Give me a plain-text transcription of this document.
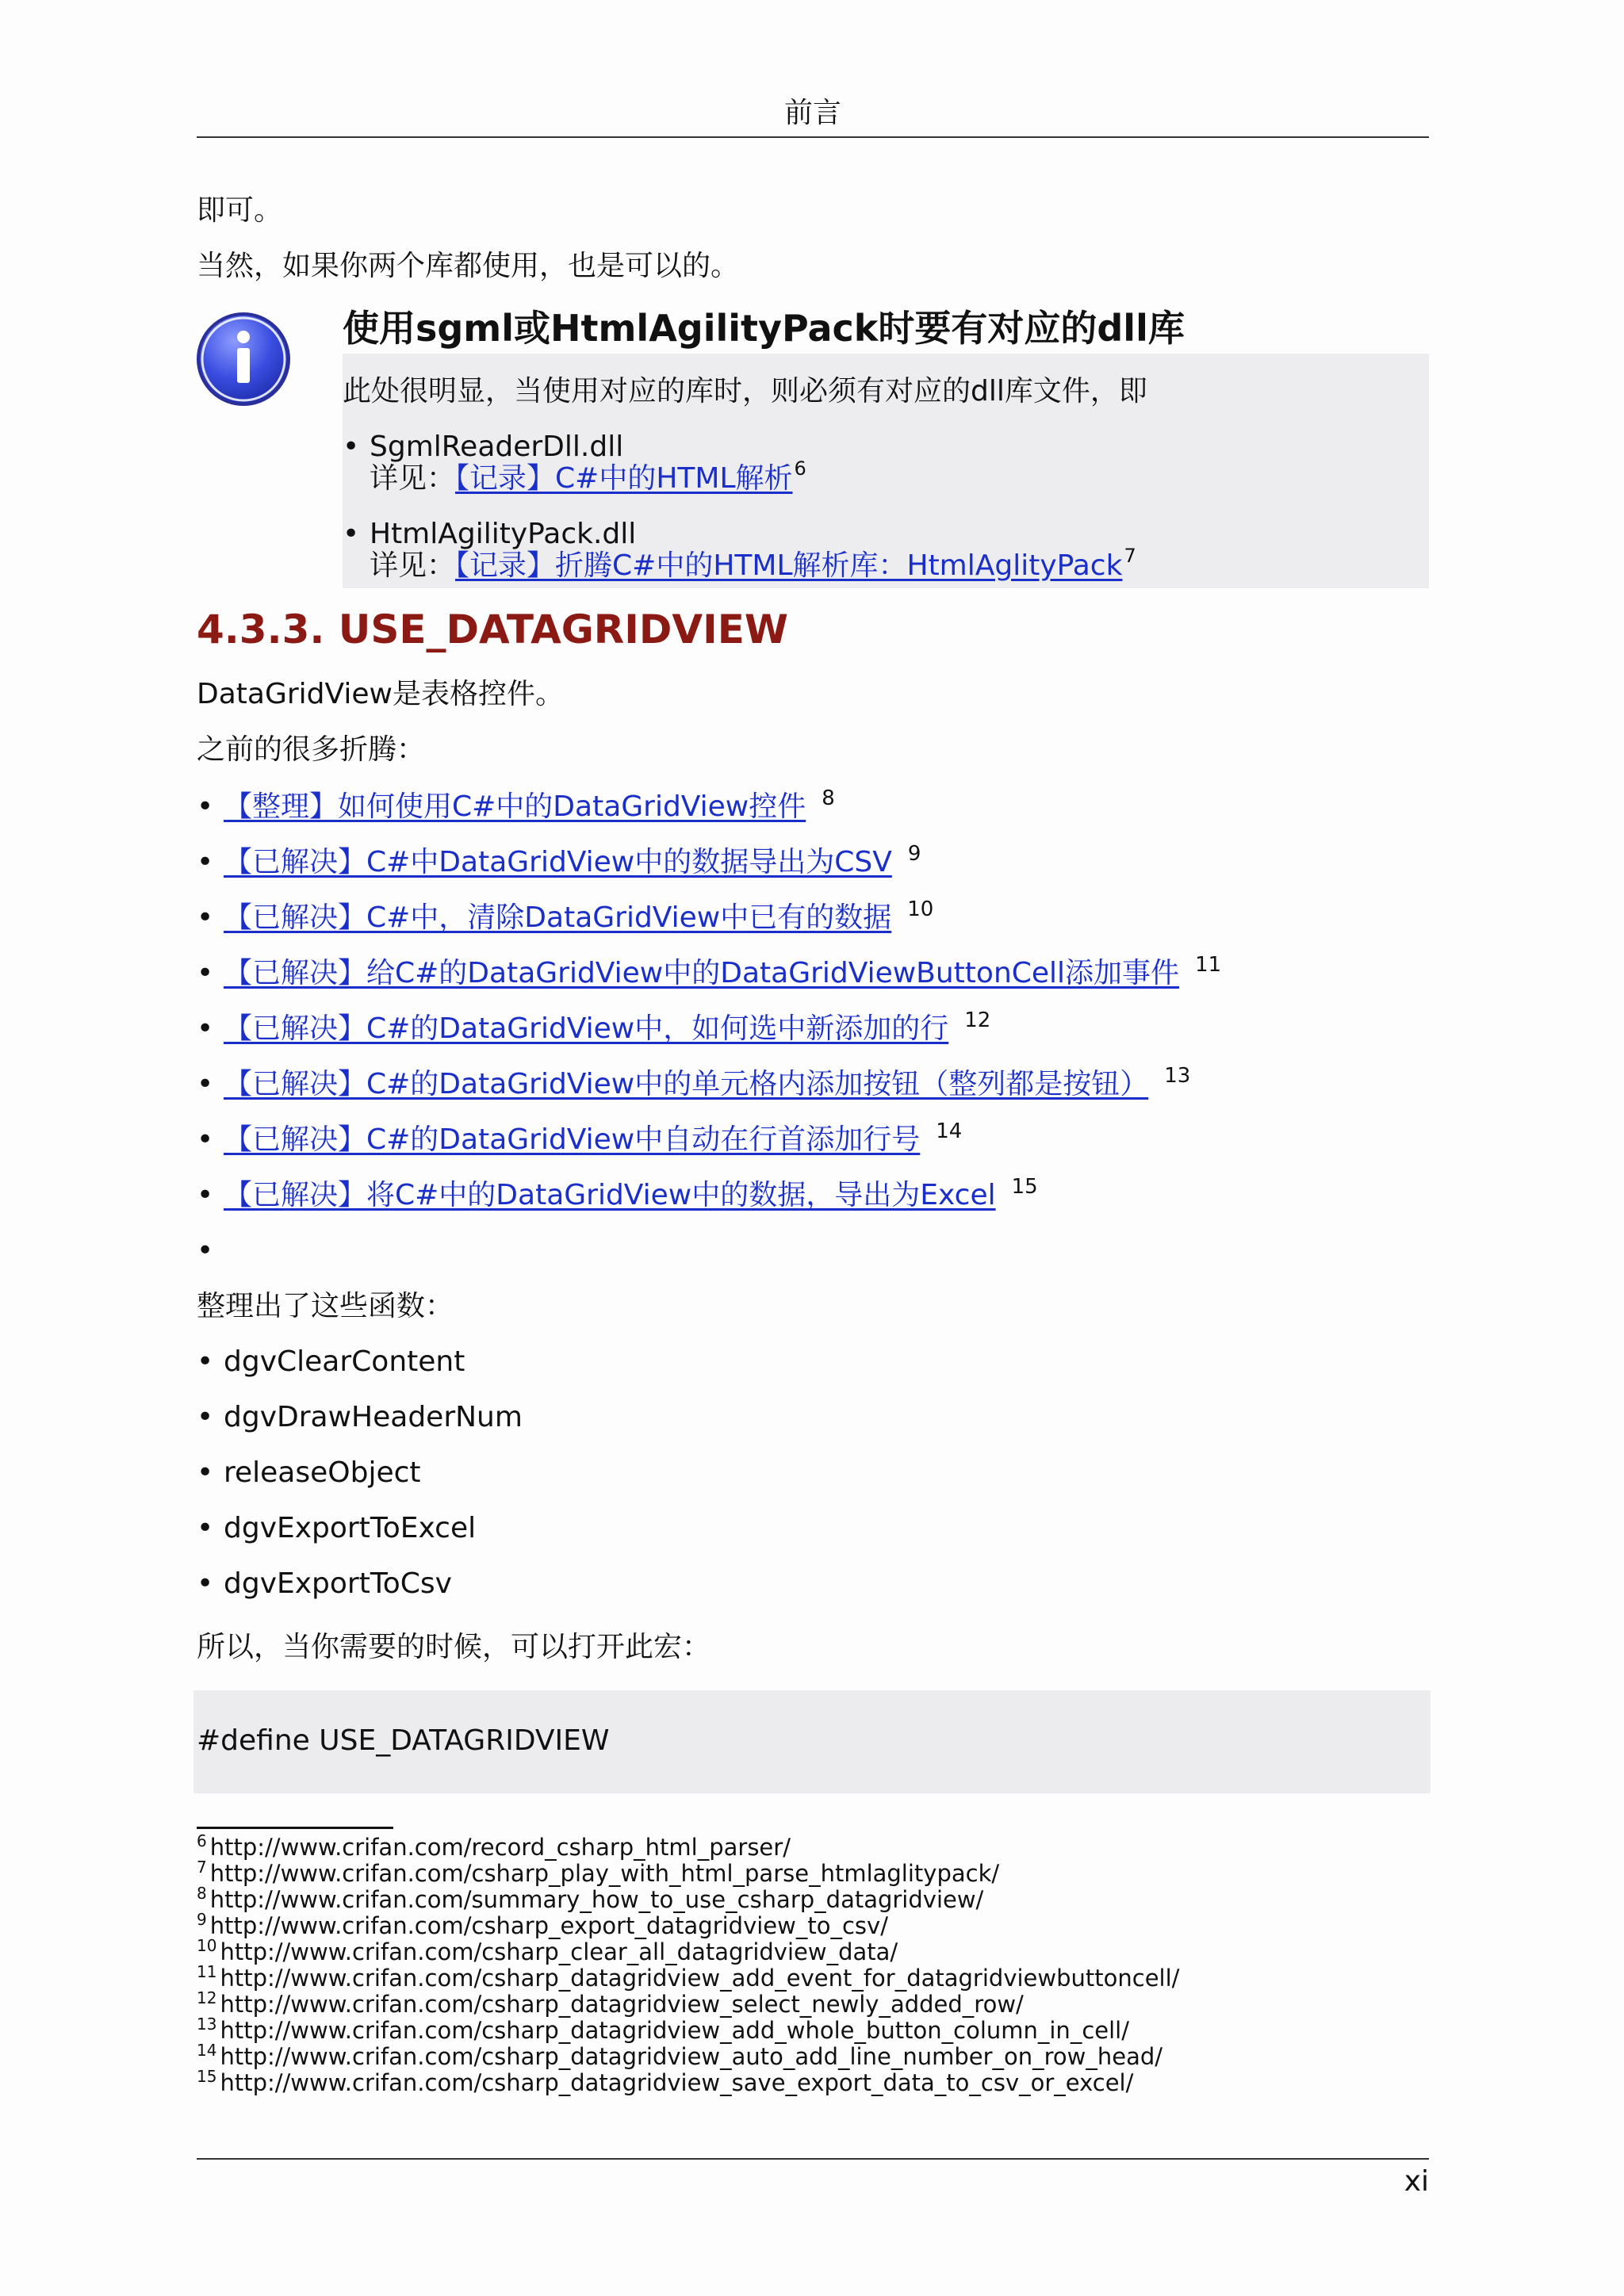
前言
即可。
当然，如果你两个库都使用，也是可以的。
使用sgml或HtmlAgilityPack时要有对应的dll库
此处很明显，当使用对应的库时，则必须有对应的dll库文件，即
• SgmlReaderDll.dll
详见：【记录】C#中的HTML解析$^6$
• HtmlAgilityPack.dll
详见：【记录】折腾C#中的HTML解析库：HtmlAglityPack$^7$
4.3.3. USE_DATAGRIDVIEW
DataGridView是表格控件。
之前的很多折腾：
• 【整理】如何使用C#中的DataGridView控件 $^8$
• 【已解决】C#中DataGridView中的数据导出为CSV $^9$
• 【已解决】C#中，清除DataGridView中已有的数据 $^{10}$
• 【已解决】给C#的DataGridView中的DataGridViewButtonCell添加事件 $^{11}$
• 【已解决】C#的DataGridView中，如何选中新添加的行 $^{12}$
• 【已解决】C#的DataGridView中的单元格内添加按钮（整列都是按钮） $^{13}$
• 【已解决】C#的DataGridView中自动在行首添加行号 $^{14}$
• 【已解决】将C#中的DataGridView中的数据，导出为Excel $^{15}$
•
整理出了这些函数：
• dgvClearContent
• dgvDrawHeaderNum
• releaseObject
• dgvExportToExcel
• dgvExportToCsv
所以，当你需要的时候，可以打开此宏：
#define USE_DATAGRIDVIEW
$^6$ http://www.crifan.com/record_csharp_html_parser/
$^7$ http://www.crifan.com/csharp_play_with_html_parse_htmlaglitypack/
$^8$ http://www.crifan.com/summary_how_to_use_csharp_datagridview/
$^9$ http://www.crifan.com/csharp_export_datagridview_to_csv/
$^{10}$ http://www.crifan.com/csharp_clear_all_datagridview_data/
$^{11}$ http://www.crifan.com/csharp_datagridview_add_event_for_datagridviewbuttoncell/
$^{12}$ http://www.crifan.com/csharp_datagridview_select_newly_added_row/
$^{13}$ http://www.crifan.com/csharp_datagridview_add_whole_button_column_in_cell/
$^{14}$ http://www.crifan.com/csharp_datagridview_auto_add_line_number_on_row_head/
$^{15}$ http://www.crifan.com/csharp_datagridview_save_export_data_to_csv_or_excel/
xi
